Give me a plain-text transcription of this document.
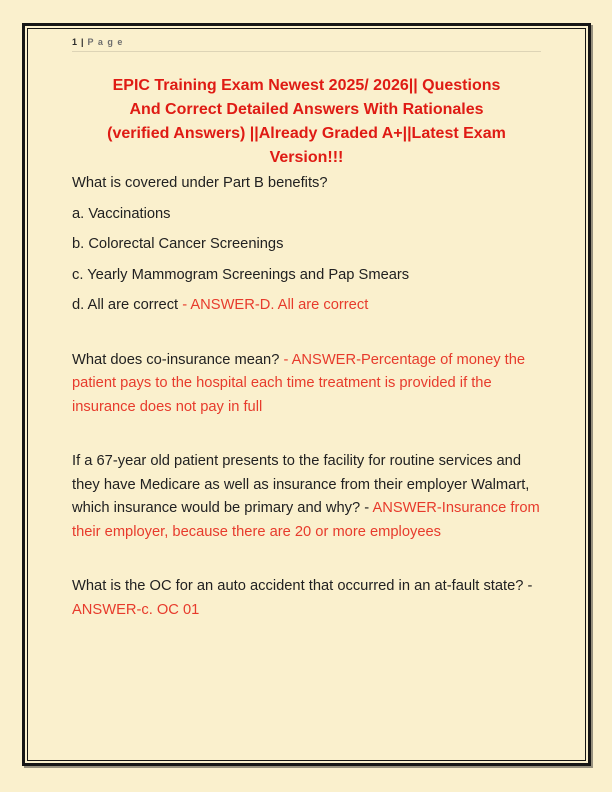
1 | P a g e
EPIC Training Exam Newest 2025/ 2026|| Questions
And Correct Detailed Answers With Rationales
(verified Answers) ||Already Graded A+||Latest Exam
Version!!!

What is covered under Part B benefits?

a. Vaccinations

b. Colorectal Cancer Screenings

c. Yearly Mammogram Screenings and Pap Smears

d. All are correct - ANSWER-D. All are correct

What does co-insurance mean? - ANSWER-Percentage of money the patient pays to the hospital each time treatment is provided if the insurance does not pay in full

If a 67-year old patient presents to the facility for routine services and they have Medicare as well as insurance from their employer Walmart, which insurance would be primary and why? - ANSWER-Insurance from their employer, because there are 20 or more employees

What is the OC for an auto accident that occurred in an at-fault state? - ANSWER-c. OC 01
